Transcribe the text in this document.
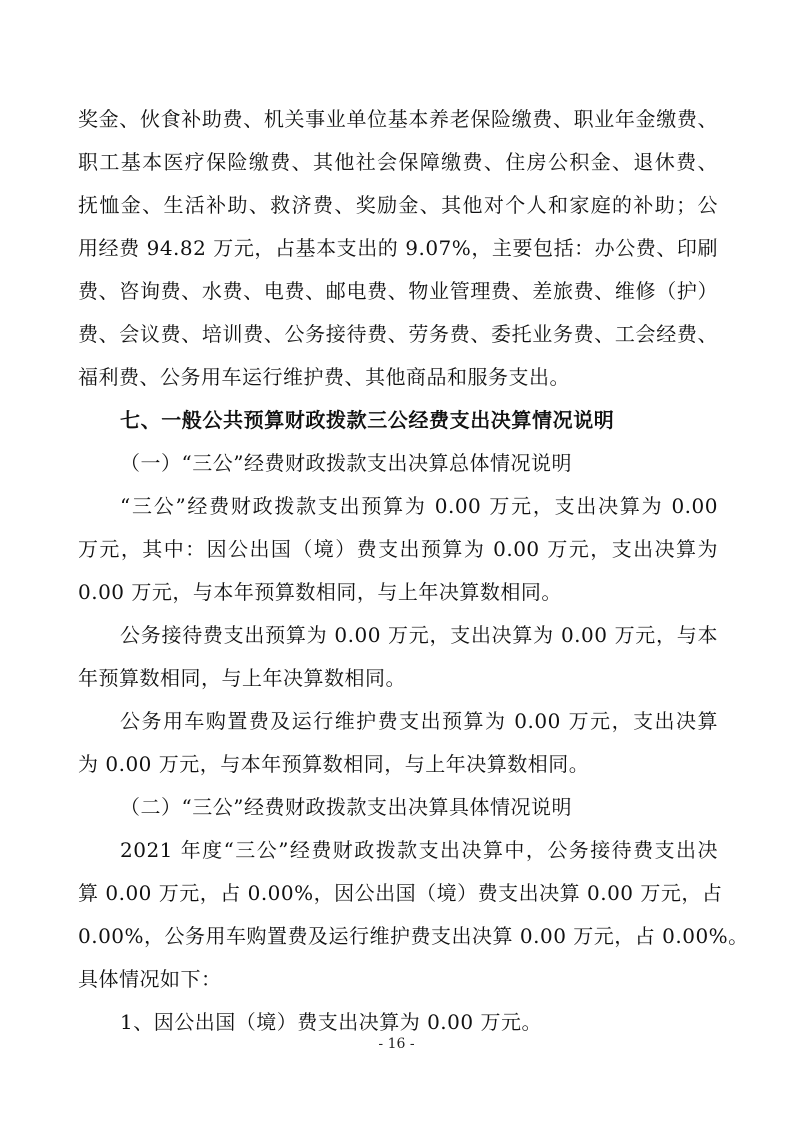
奖金、伙食补助费、机关事业单位基本养老保险缴费、职业年金缴费、
职工基本医疗保险缴费、其他社会保障缴费、住房公积金、退休费、
抚恤金、生活补助、救济费、奖励金、其他对个人和家庭的补助；公
用经费 94.82 万元，占基本支出的 9.07%，主要包括：办公费、印刷
费、咨询费、水费、电费、邮电费、物业管理费、差旅费、维修（护）
费、会议费、培训费、公务接待费、劳务费、委托业务费、工会经费、
福利费、公务用车运行维护费、其他商品和服务支出。
七、一般公共预算财政拨款三公经费支出决算情况说明
（一）“三公”经费财政拨款支出决算总体情况说明
“三公”经费财政拨款支出预算为 0.00 万元，支出决算为 0.00
万元，其中：因公出国（境）费支出预算为 0.00 万元，支出决算为
0.00 万元，与本年预算数相同，与上年决算数相同。
公务接待费支出预算为 0.00 万元，支出决算为 0.00 万元，与本
年预算数相同，与上年决算数相同。
公务用车购置费及运行维护费支出预算为 0.00 万元，支出决算
为 0.00 万元，与本年预算数相同，与上年决算数相同。
（二）“三公”经费财政拨款支出决算具体情况说明
2021 年度“三公”经费财政拨款支出决算中，公务接待费支出决
算 0.00 万元，占 0.00%，因公出国（境）费支出决算 0.00 万元，占
0.00%，公务用车购置费及运行维护费支出决算 0.00 万元，占 0.00%。
具体情况如下：
1、因公出国（境）费支出决算为 0.00 万元。
- 16 -
